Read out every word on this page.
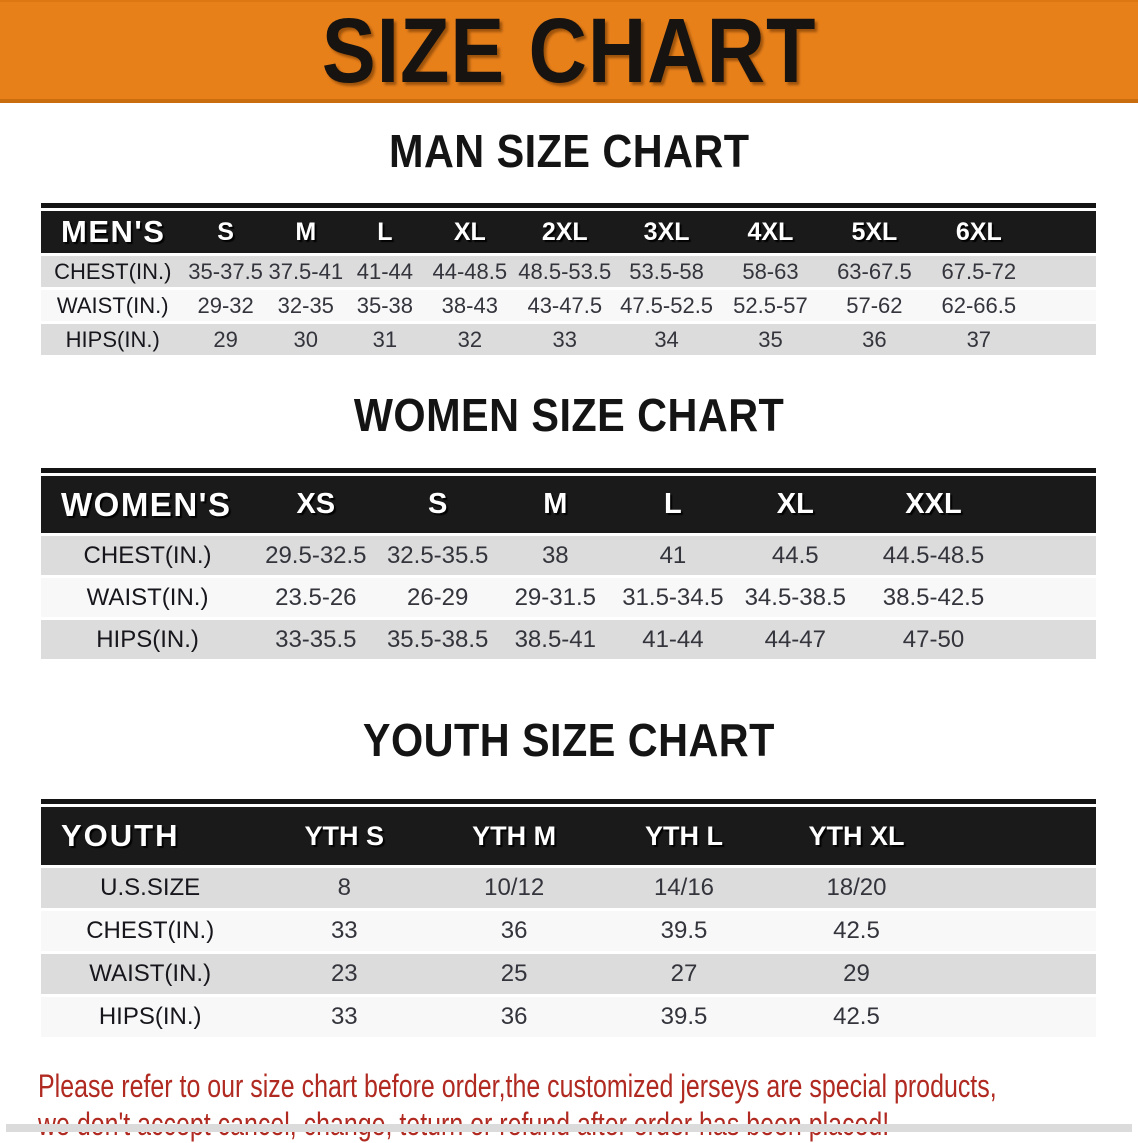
SIZE CHART
MAN SIZE CHART
MEN'S	S	M	L	XL	2XL	3XL	4XL	5XL	6XL	
CHEST(IN.)	35-37.5	37.5-41	41-44	44-48.5	48.5-53.5	53.5-58	58-63	63-67.5	67.5-72	
WAIST(IN.)	29-32	32-35	35-38	38-43	43-47.5	47.5-52.5	52.5-57	57-62	62-66.5	
HIPS(IN.)	29	30	31	32	33	34	35	36	37	
WOMEN SIZE CHART
WOMEN'S	XS	S	M	L	XL	XXL	
CHEST(IN.)	29.5-32.5	32.5-35.5	38	41	44.5	44.5-48.5	
WAIST(IN.)	23.5-26	26-29	29-31.5	31.5-34.5	34.5-38.5	38.5-42.5	
HIPS(IN.)	33-35.5	35.5-38.5	38.5-41	41-44	44-47	47-50	
YOUTH SIZE CHART
YOUTH	YTH S	YTH M	YTH L	YTH XL	
U.S.SIZE	8	10/12	14/16	18/20	
CHEST(IN.)	33	36	39.5	42.5	
WAIST(IN.)	23	25	27	29	
HIPS(IN.)	33	36	39.5	42.5	
Please refer to our size chart before order,the customized jerseys are special products,
